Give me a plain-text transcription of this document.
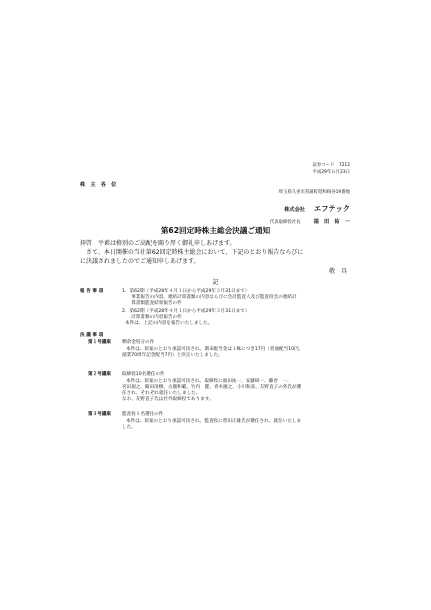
証券コード　7212
平成29年６月23日
株　主　各　位
埼玉県久喜市菖蒲町昭和桜谷19番地
株式会社 エフテック
代表取締役社長	福　田　祐　一
第62回定時株主総会決議ご通知
拝啓　平素は格別のご高配を賜り厚く御礼申しあげます。
　さて、本日開催の当社第62回定時株主総会において、下記のとおり報告ならびに
に決議されましたのでご通知申しあげます。
敬　具
記
報 告 事 項	1．第62期（平成28年４月１日から平成29年３月31日まで）
　　事業報告の内容、連結計算書類の内容ならびに会計監査人及び監査役会の連結計
　　算書類監査結果報告の件
2．第62期（平成28年４月１日から平成29年３月31日まで）
　　計算書類の内容報告の件
本件は、上記の内容を報告いたしました。
決 議 事 項
第１号議案 剰余金処分の件
本件は、原案のとおり承認可決され、期末配当金は１株につき17円（普通配当10円、
創業70周年記念配当7円）と決定いたしました。
第２号議案 取締役10名選任の件
本件は、原案のとおり承認可決され、取締役に福田祐一、安藤研一、藤巻　一、
宮田規之、飯田清樹、古儀和範、竹内　健、青木慶之、小川和彦、友野直子の各氏が選
任され、それぞれ就任いたしました。
なお、友野直子氏は社外取締役であります。
第３号議案 監査役１名選任の件
本件は、原案のとおり承認可決され、監査役に豊田正雄氏が選任され、就任いたしま
した。
